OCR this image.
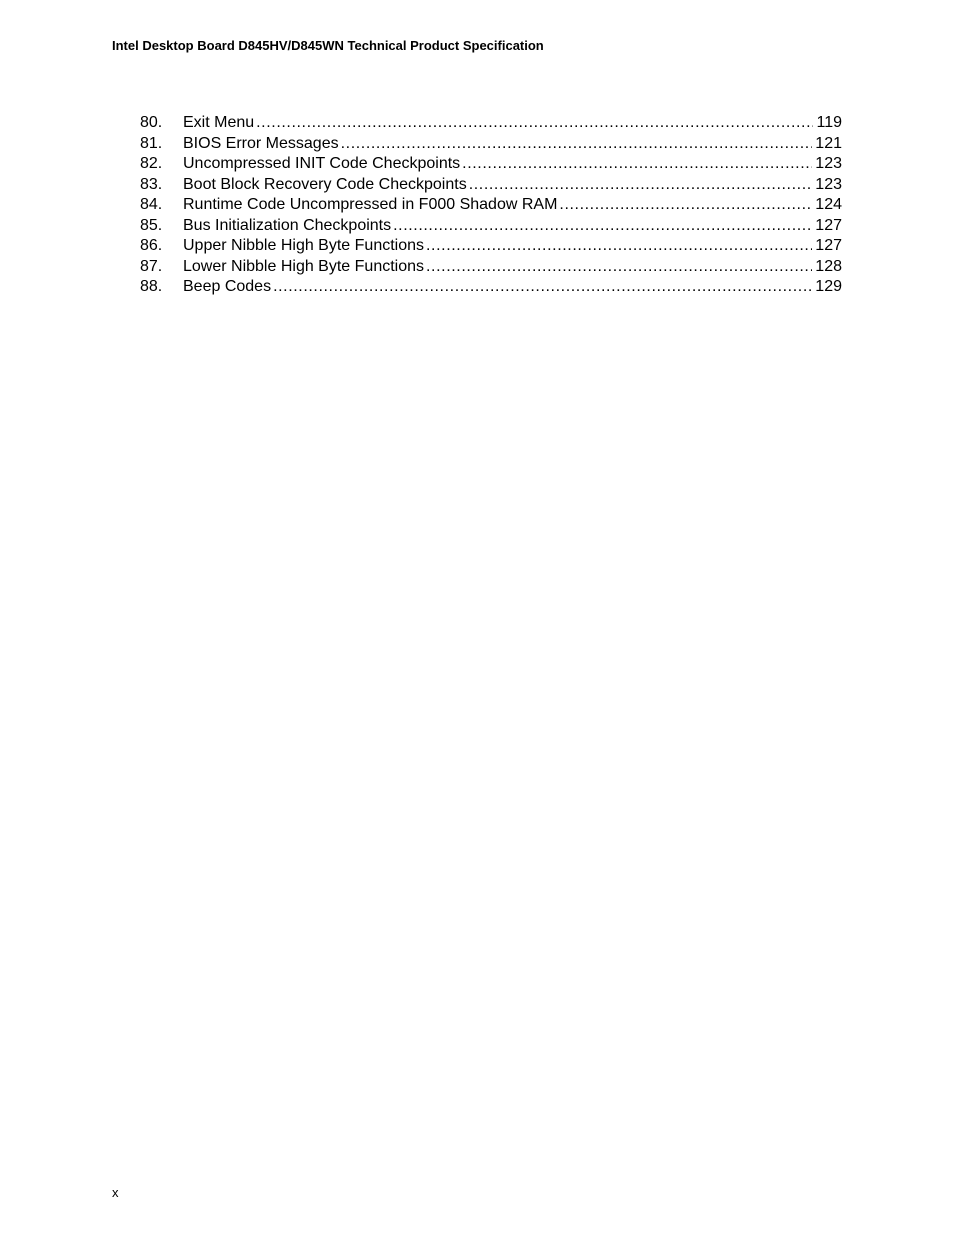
Intel Desktop Board D845HV/D845WN Technical Product Specification
80.	Exit Menu .....	119
81.	BIOS Error Messages .....	121
82.	Uncompressed INIT Code Checkpoints .....	123
83.	Boot Block Recovery Code Checkpoints .....	123
84.	Runtime Code Uncompressed in F000 Shadow RAM .....	124
85.	Bus Initialization Checkpoints .....	127
86.	Upper Nibble High Byte Functions .....	127
87.	Lower Nibble High Byte Functions .....	128
88.	Beep Codes .....	129
x
